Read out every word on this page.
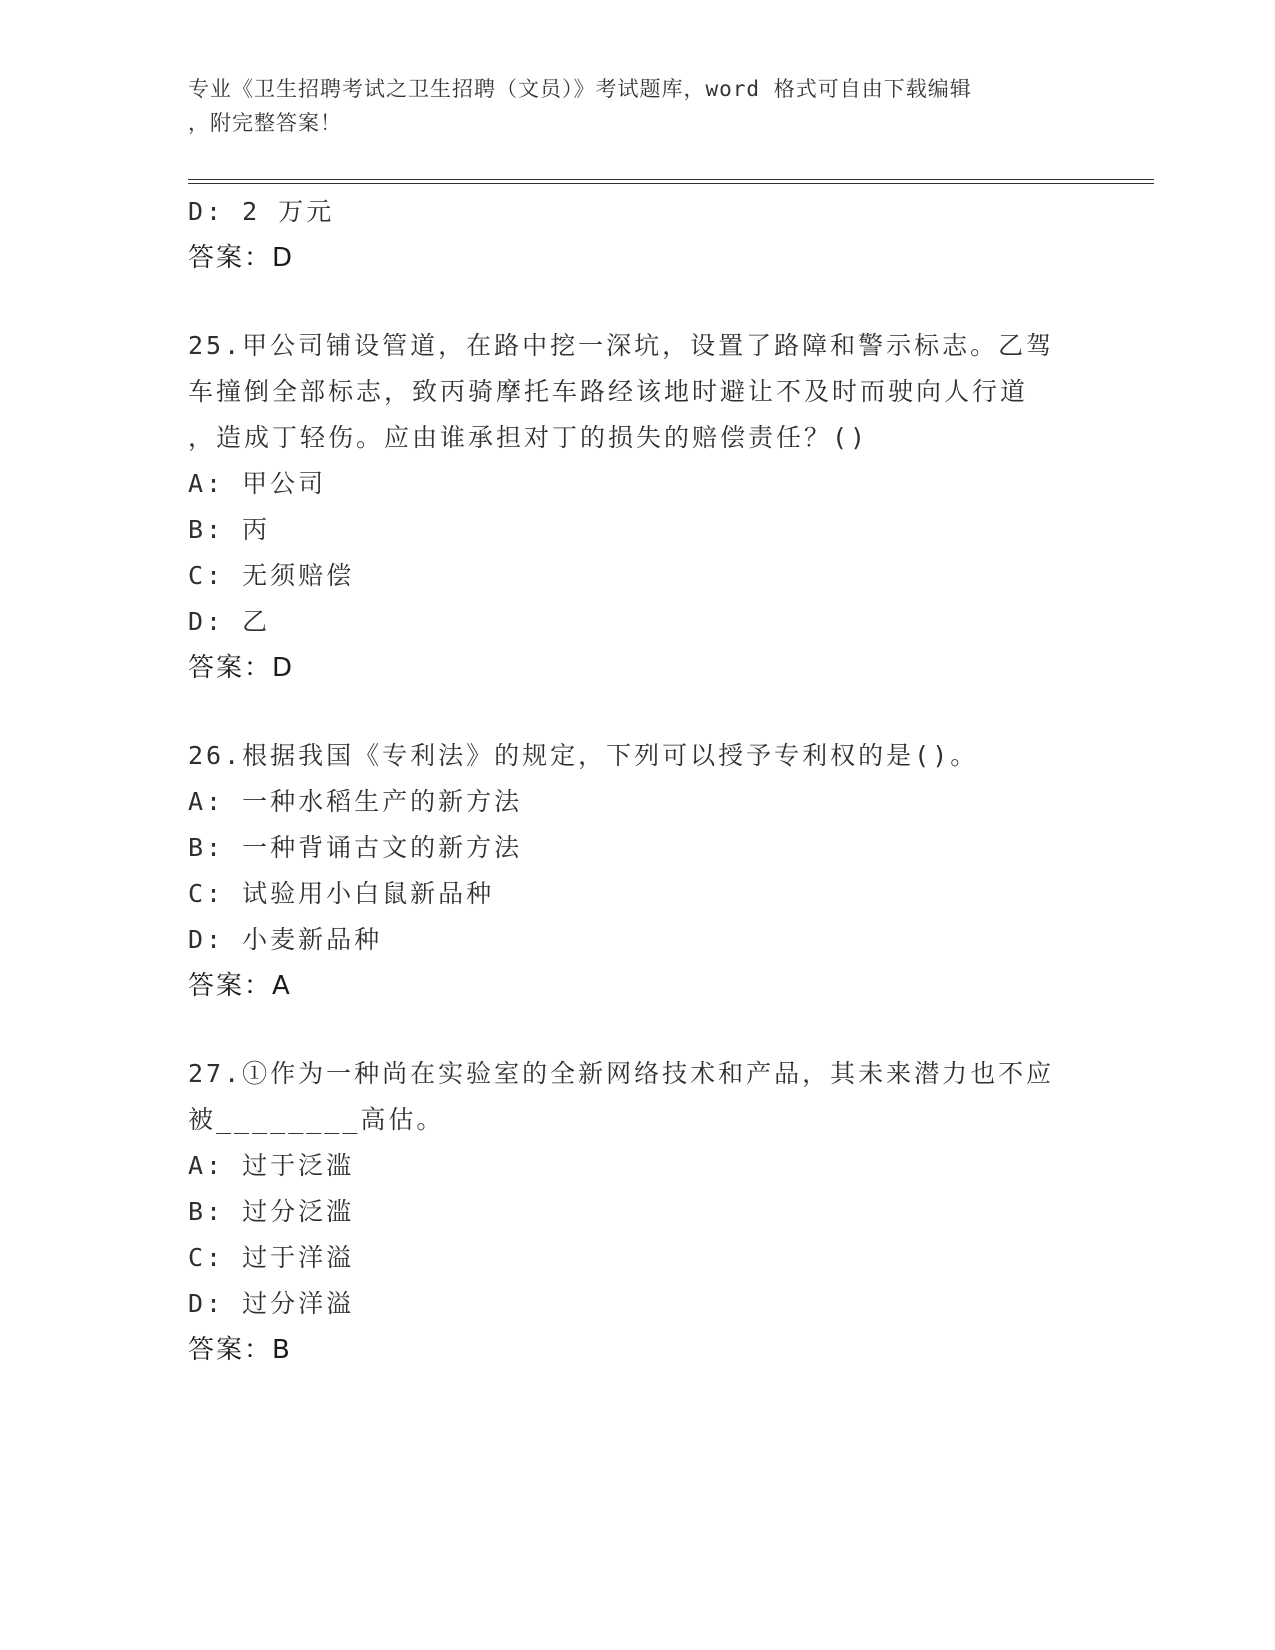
专业《卫生招聘考试之卫生招聘（文员）》考试题库，word 格式可自由下载编辑
，附完整答案！
D: 2 万元
答案：D
25.甲公司铺设管道，在路中挖一深坑，设置了路障和警示标志。乙驾
车撞倒全部标志，致丙骑摩托车路经该地时避让不及时而驶向人行道
，造成丁轻伤。应由谁承担对丁的损失的赔偿责任？()
A: 甲公司
B: 丙
C: 无须赔偿
D: 乙
答案：D
26.根据我国《专利法》的规定，下列可以授予专利权的是()。
A: 一种水稻生产的新方法
B: 一种背诵古文的新方法
C: 试验用小白鼠新品种
D: 小麦新品种
答案：A
27.①作为一种尚在实验室的全新网络技术和产品，其未来潜力也不应
被________高估。
A: 过于泛滥
B: 过分泛滥
C: 过于洋溢
D: 过分洋溢
答案：B
